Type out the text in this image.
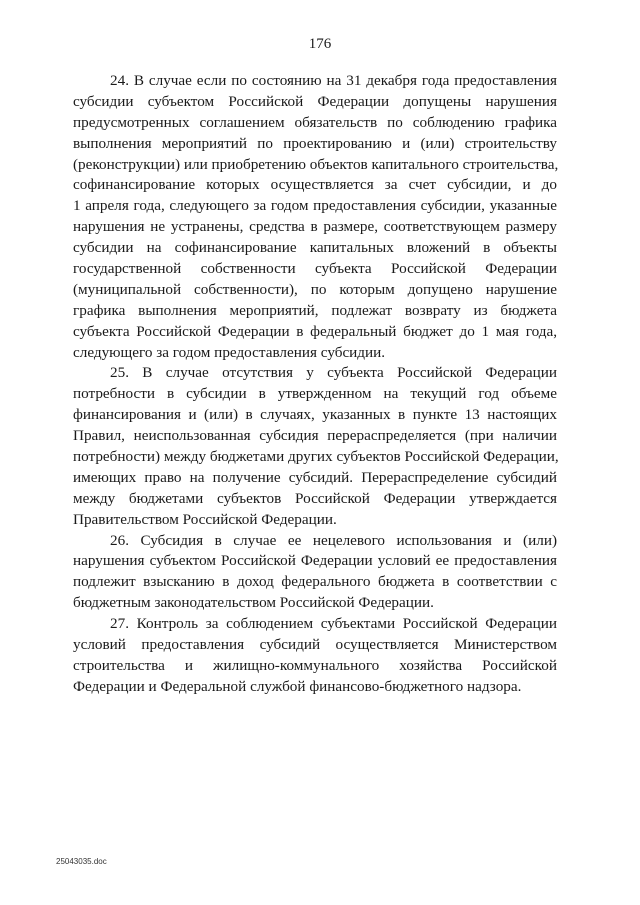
176
24. В случае если по состоянию на 31 декабря года предоставления
субсидии субъектом Российской Федерации допущены нарушения
предусмотренных соглашением обязательств по соблюдению графика
выполнения мероприятий по проектированию и (или) строительству
(реконструкции) или приобретению объектов капитального строительства,
софинансирование которых осуществляется за счет субсидии, и до
1 апреля года, следующего за годом предоставления субсидии, указанные
нарушения не устранены, средства в размере, соответствующем размеру
субсидии на софинансирование капитальных вложений в объекты
государственной собственности субъекта Российской Федерации
(муниципальной собственности), по которым допущено нарушение
графика выполнения мероприятий, подлежат возврату из бюджета
субъекта Российской Федерации в федеральный бюджет до 1 мая года,
следующего за годом предоставления субсидии.
25. В случае отсутствия у субъекта Российской Федерации
потребности в субсидии в утвержденном на текущий год объеме
финансирования и (или) в случаях, указанных в пункте 13 настоящих
Правил, неиспользованная субсидия перераспределяется (при наличии
потребности) между бюджетами других субъектов Российской Федерации,
имеющих право на получение субсидий. Перераспределение субсидий
между бюджетами субъектов Российской Федерации утверждается
Правительством Российской Федерации.
26. Субсидия в случае ее нецелевого использования и (или)
нарушения субъектом Российской Федерации условий ее предоставления
подлежит взысканию в доход федерального бюджета в соответствии с
бюджетным законодательством Российской Федерации.
27. Контроль за соблюдением субъектами Российской Федерации
условий предоставления субсидий осуществляется Министерством
строительства и жилищно-коммунального хозяйства Российской
Федерации и Федеральной службой финансово-бюджетного надзора.
25043035.doc
